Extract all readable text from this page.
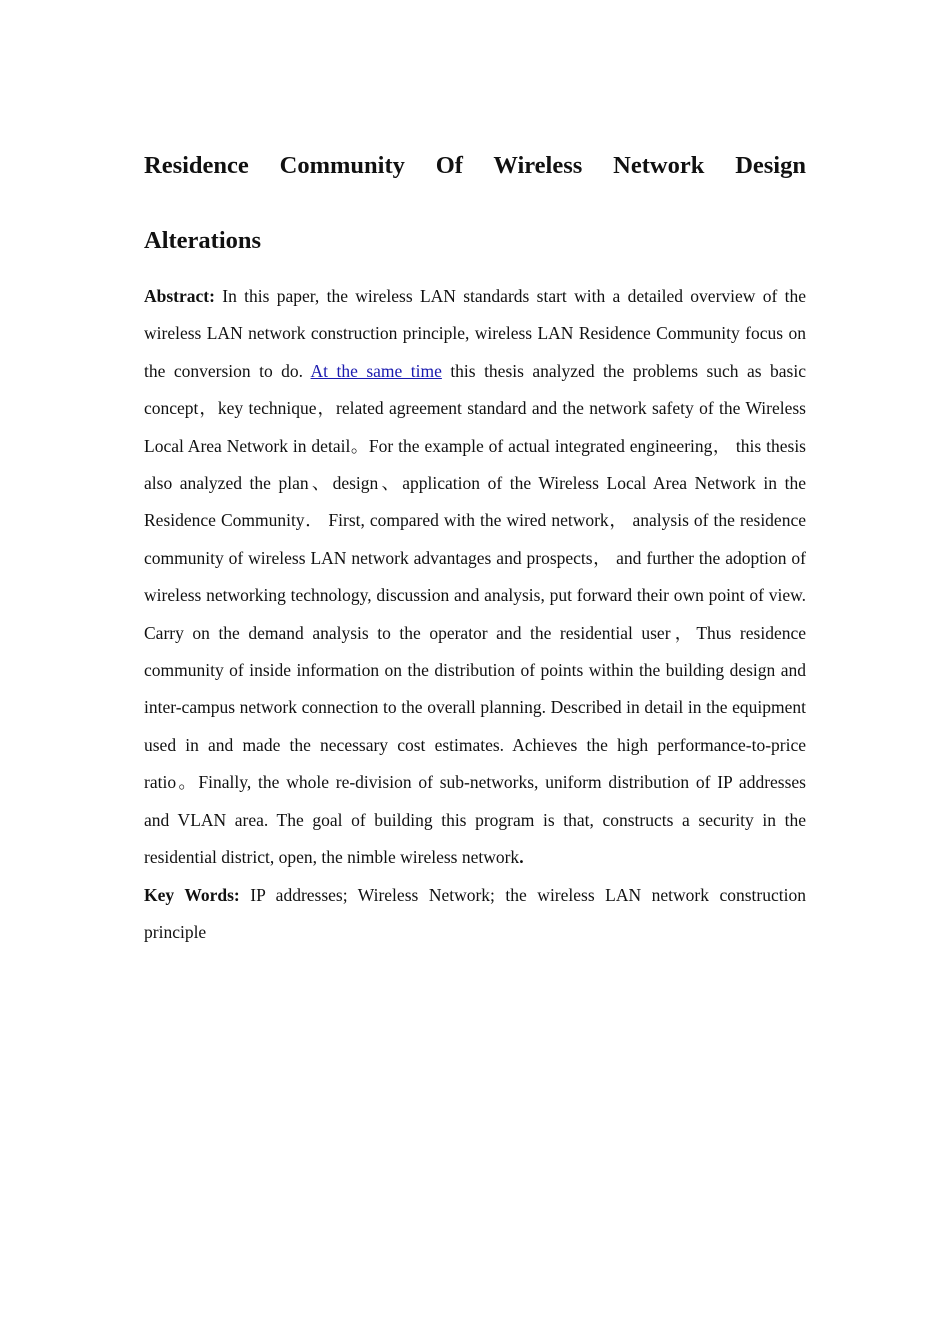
Residence Community Of Wireless Network Design
Alterations

Abstract: In this paper, the wireless LAN standards start with a detailed overview of the wireless LAN network construction principle, wireless LAN Residence Community focus on the conversion to do. At the same time this thesis analyzed the problems such as basic concept，key technique，related agreement standard and the network safety of the Wireless Local Area Network in detail。For the example of actual integrated engineering， this thesis also analyzed the plan、design、application of the Wireless Local Area Network in the Residence Community． First, compared with the wired network， analysis of the residence community of wireless LAN network advantages and prospects， and further the adoption of wireless networking technology, discussion and analysis, put forward their own point of view. Carry on the demand analysis to the operator and the residential user，Thus residence community of inside information on the distribution of points within the building design and inter-campus network connection to the overall planning. Described in detail in the equipment used in and made the necessary cost estimates. Achieves the high performance-to-price ratio。Finally, the whole re-division of sub-networks, uniform distribution of IP addresses and VLAN area. The goal of building this program is that, constructs a security in the residential district, open, the nimble wireless network.

Key Words: IP addresses; Wireless Network; the wireless LAN network construction principle
